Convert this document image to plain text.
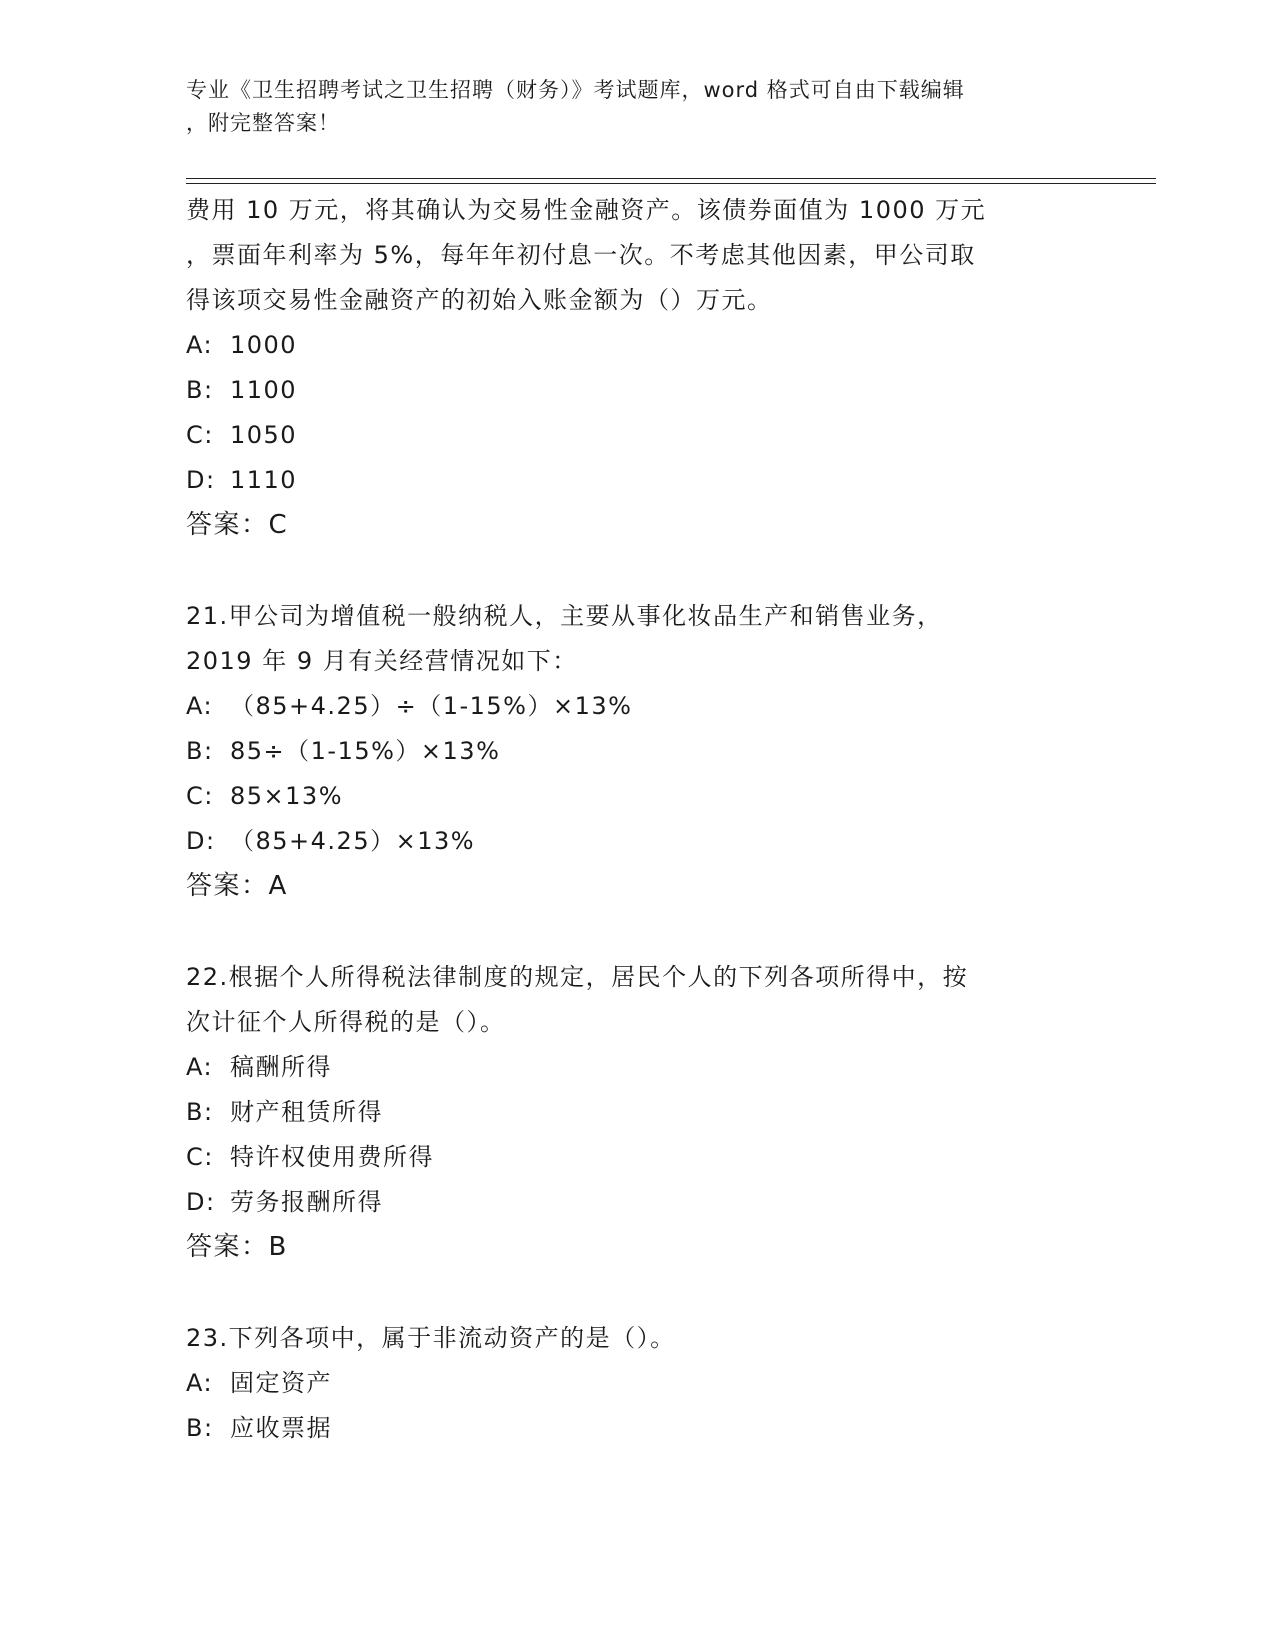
专业《卫生招聘考试之卫生招聘（财务）》考试题库，word 格式可自由下载编辑
，附完整答案！
费用 10 万元，将其确认为交易性金融资产。该债券面值为 1000 万元
，票面年利率为 5%，每年年初付息一次。不考虑其他因素，甲公司取
得该项交易性金融资产的初始入账金额为（）万元。
A: 1000
B: 1100
C: 1050
D: 1110
答案：C
21.甲公司为增值税一般纳税人，主要从事化妆品生产和销售业务，
2019 年 9 月有关经营情况如下：
A: （85+4.25）÷（1-15%）×13%
B: 85÷（1-15%）×13%
C: 85×13%
D: （85+4.25）×13%
答案：A
22.根据个人所得税法律制度的规定，居民个人的下列各项所得中，按
次计征个人所得税的是（）。
A: 稿酬所得
B: 财产租赁所得
C: 特许权使用费所得
D: 劳务报酬所得
答案：B
23.下列各项中，属于非流动资产的是（）。
A: 固定资产
B: 应收票据
